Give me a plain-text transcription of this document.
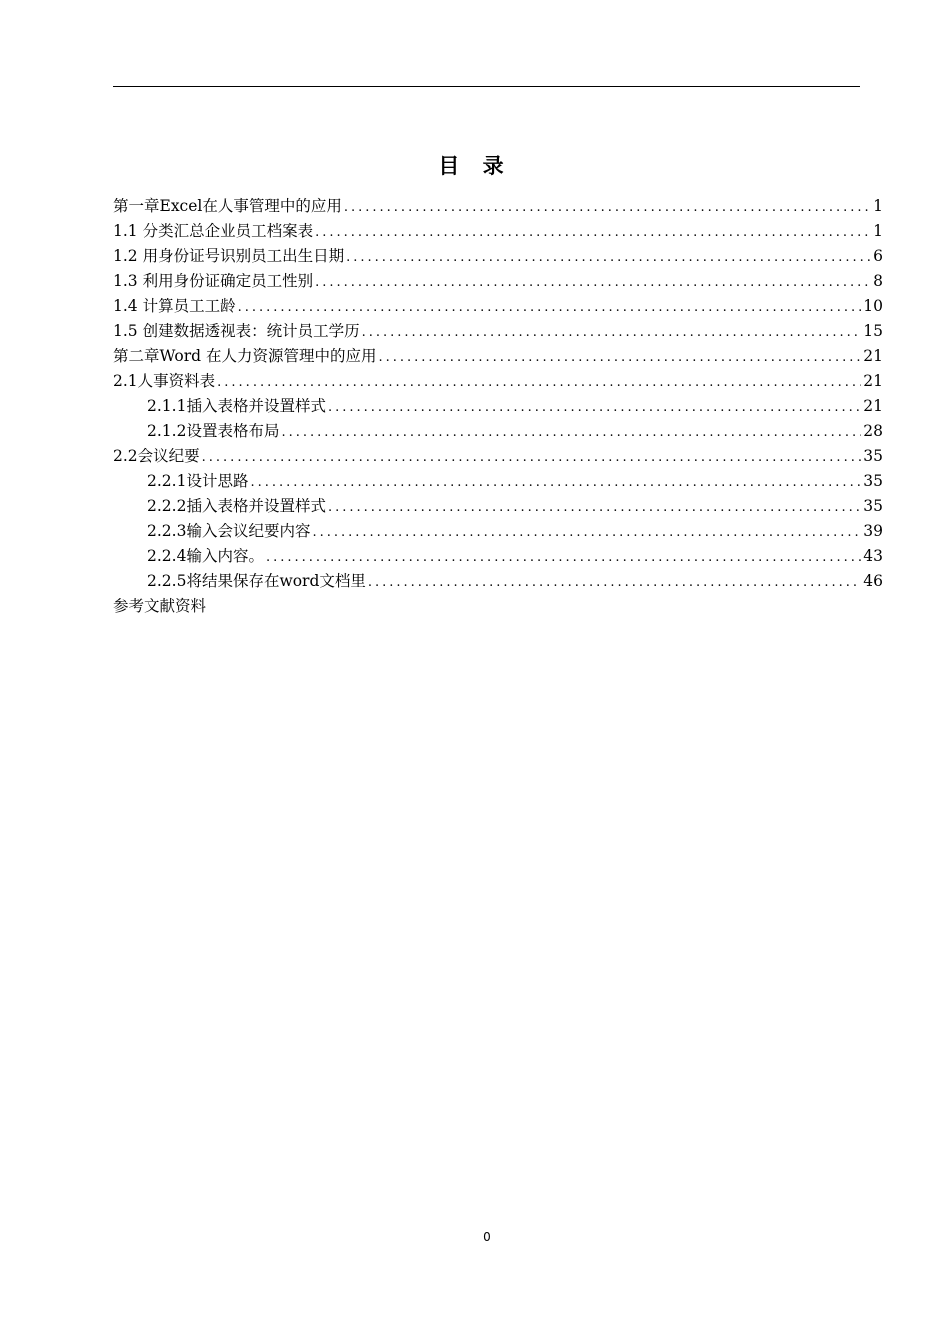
目 录
第一章Excel在人事管理中的应用 .....	1
1.1 分类汇总企业员工档案表 .....	1
1.2 用身份证号识别员工出生日期 .....	6
1.3 利用身份证确定员工性别 .....	8
1.4 计算员工工龄 .....	10
1.5 创建数据透视表：统计员工学历 .....	15
第二章Word 在人力资源管理中的应用 .....	21
2.1人事资料表 .....	21
2.1.1插入表格并设置样式 .....	21
2.1.2设置表格布局 .....	28
2.2会议纪要 .....	35
2.2.1设计思路 .....	35
2.2.2插入表格并设置样式 .....	35
2.2.3输入会议纪要内容 .....	39
2.2.4输入内容。 .....	43
2.2.5将结果保存在word文档里 .....	46
参考文献资料
0
